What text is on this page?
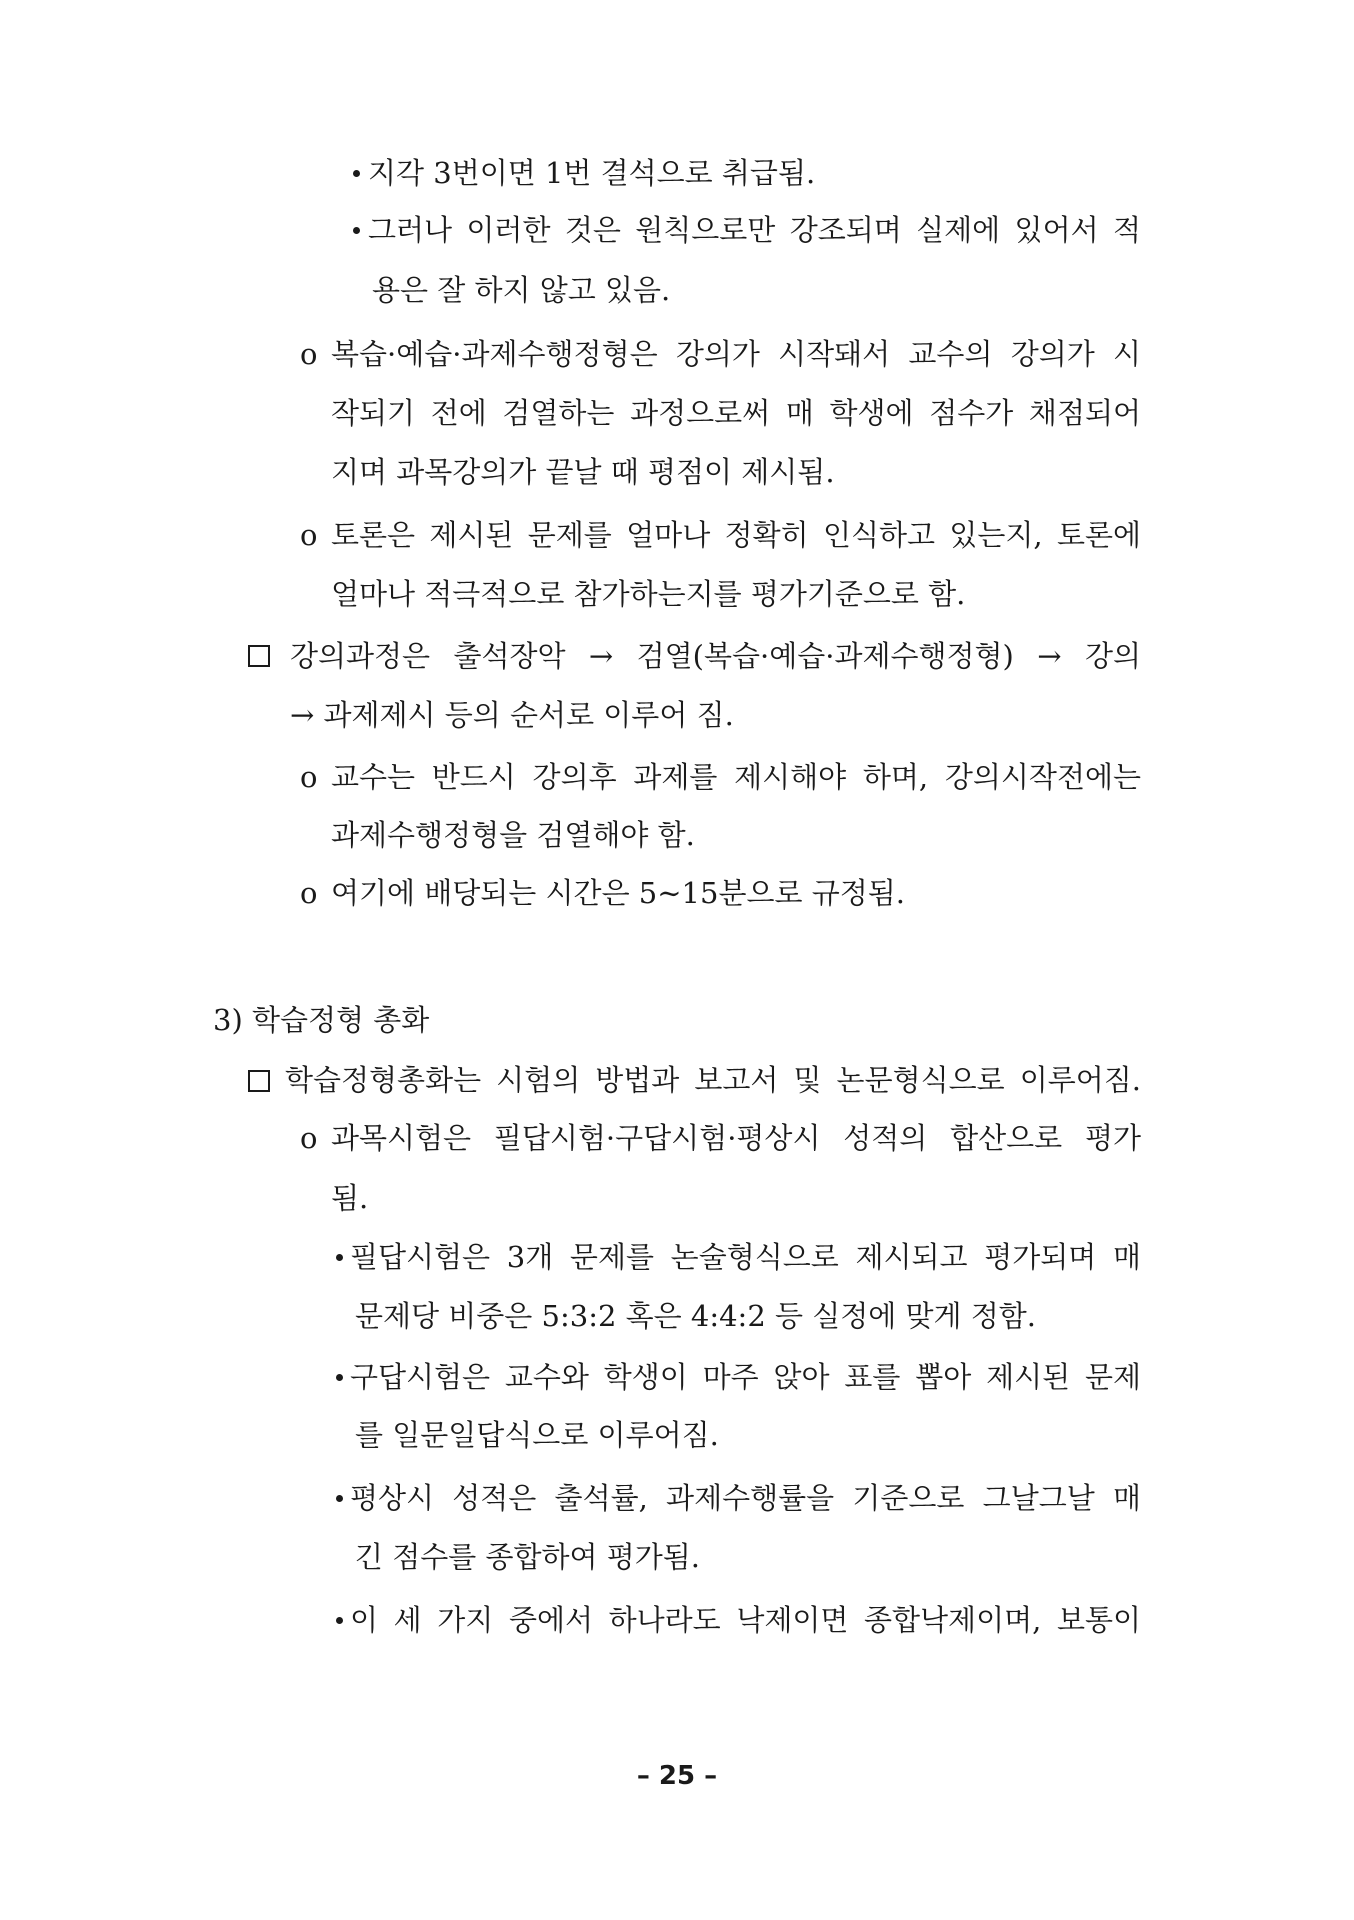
지각 3번이면 1번 결석으로 취급됨.
그러나 이러한 것은 원칙으로만 강조되며 실제에 있어서 적
용은 잘 하지 않고 있음.
o 복습·예습·과제수행정형은 강의가 시작돼서 교수의 강의가 시
작되기 전에 검열하는 과정으로써 매 학생에 점수가 채점되어
지며 과목강의가 끝날 때 평점이 제시됨.
o 토론은 제시된 문제를 얼마나 정확히 인식하고 있는지, 토론에
얼마나 적극적으로 참가하는지를 평가기준으로 함.
강의과정은 출석장악 → 검열(복습·예습·과제수행정형) → 강의
→ 과제제시 등의 순서로 이루어 짐.
o 교수는 반드시 강의후 과제를 제시해야 하며, 강의시작전에는
과제수행정형을 검열해야 함.
o 여기에 배당되는 시간은 5∼15분으로 규정됨.
3) 학습정형 총화
학습정형총화는 시험의 방법과 보고서 및 논문형식으로 이루어짐.
o 과목시험은 필답시험·구답시험·평상시 성적의 합산으로 평가
됨.
필답시험은 3개 문제를 논술형식으로 제시되고 평가되며 매
문제당 비중은 5:3:2 혹은 4:4:2 등 실정에 맞게 정함.
구답시험은 교수와 학생이 마주 앉아 표를 뽑아 제시된 문제
를 일문일답식으로 이루어짐.
평상시 성적은 출석률, 과제수행률을 기준으로 그날그날 매
긴 점수를 종합하여 평가됨.
이 세 가지 중에서 하나라도 낙제이면 종합낙제이며, 보통이
– 25 –
